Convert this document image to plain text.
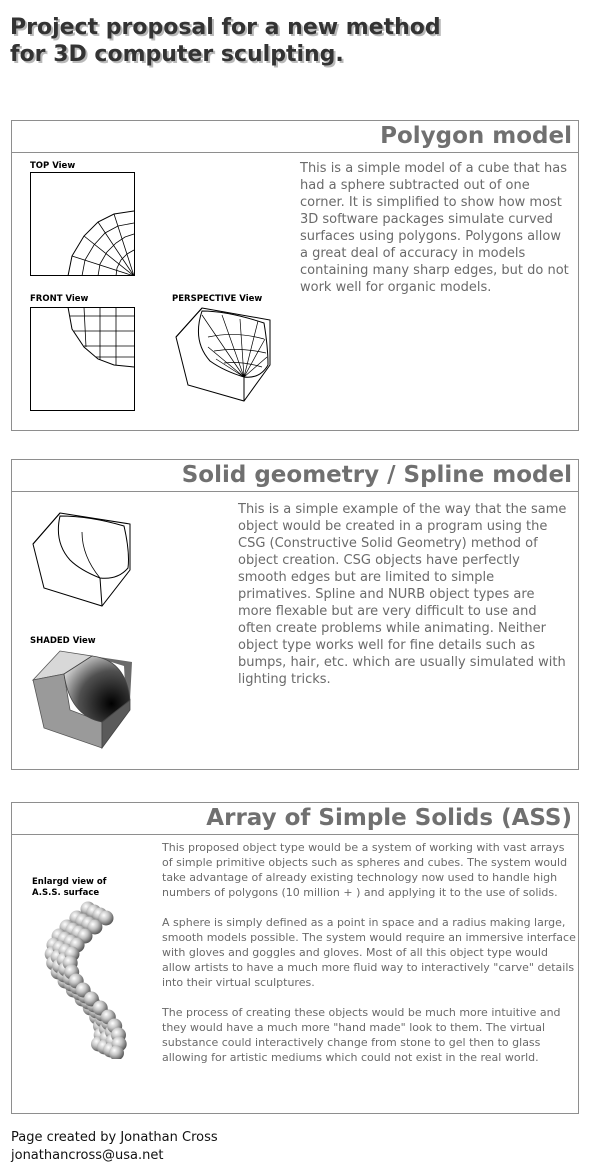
Project proposal for a new method
for 3D computer sculpting.
Polygon model
TOP View
FRONT View	PERSPECTIVE View

This is a simple model of a cube that has had a sphere subtracted out of one corner. It is simplified to show how most 3D software packages simulate curved surfaces using polygons. Polygons allow a great deal of accuracy in models containing many sharp edges, but do not work well for organic models.

Solid geometry / Spline model
SHADED View

This is a simple example of the way that the same object would be created in a program using the CSG (Constructive Solid Geometry) method of object creation. CSG objects have perfectly smooth edges but are limited to simple primatives. Spline and NURB object types are more flexable but are very difficult to use and often create problems while animating. Neither object type works well for fine details such as bumps, hair, etc. which are usually simulated with lighting tricks.

Array of Simple Solids (ASS)
Enlargd view of
A.S.S. surface
This proposed object type would be a system of working with vast arrays of simple primitive objects such as spheres and cubes. The system would take advantage of already existing technology now used to handle high numbers of polygons (10 million + ) and applying it to the use of solids.
A sphere is simply defined as a point in space and a radius making large, smooth models possible. The system would require an immersive interface with gloves and goggles and gloves. Most of all this object type would allow artists to have a much more fluid way to interactively "carve" details into their virtual sculptures.
The process of creating these objects would be much more intuitive and they would have a much more "hand made" look to them. The virtual substance could interactively change from stone to gel then to glass allowing for artistic mediums which could not exist in the real world.
Page created by Jonathan Cross
jonathancross@usa.net
